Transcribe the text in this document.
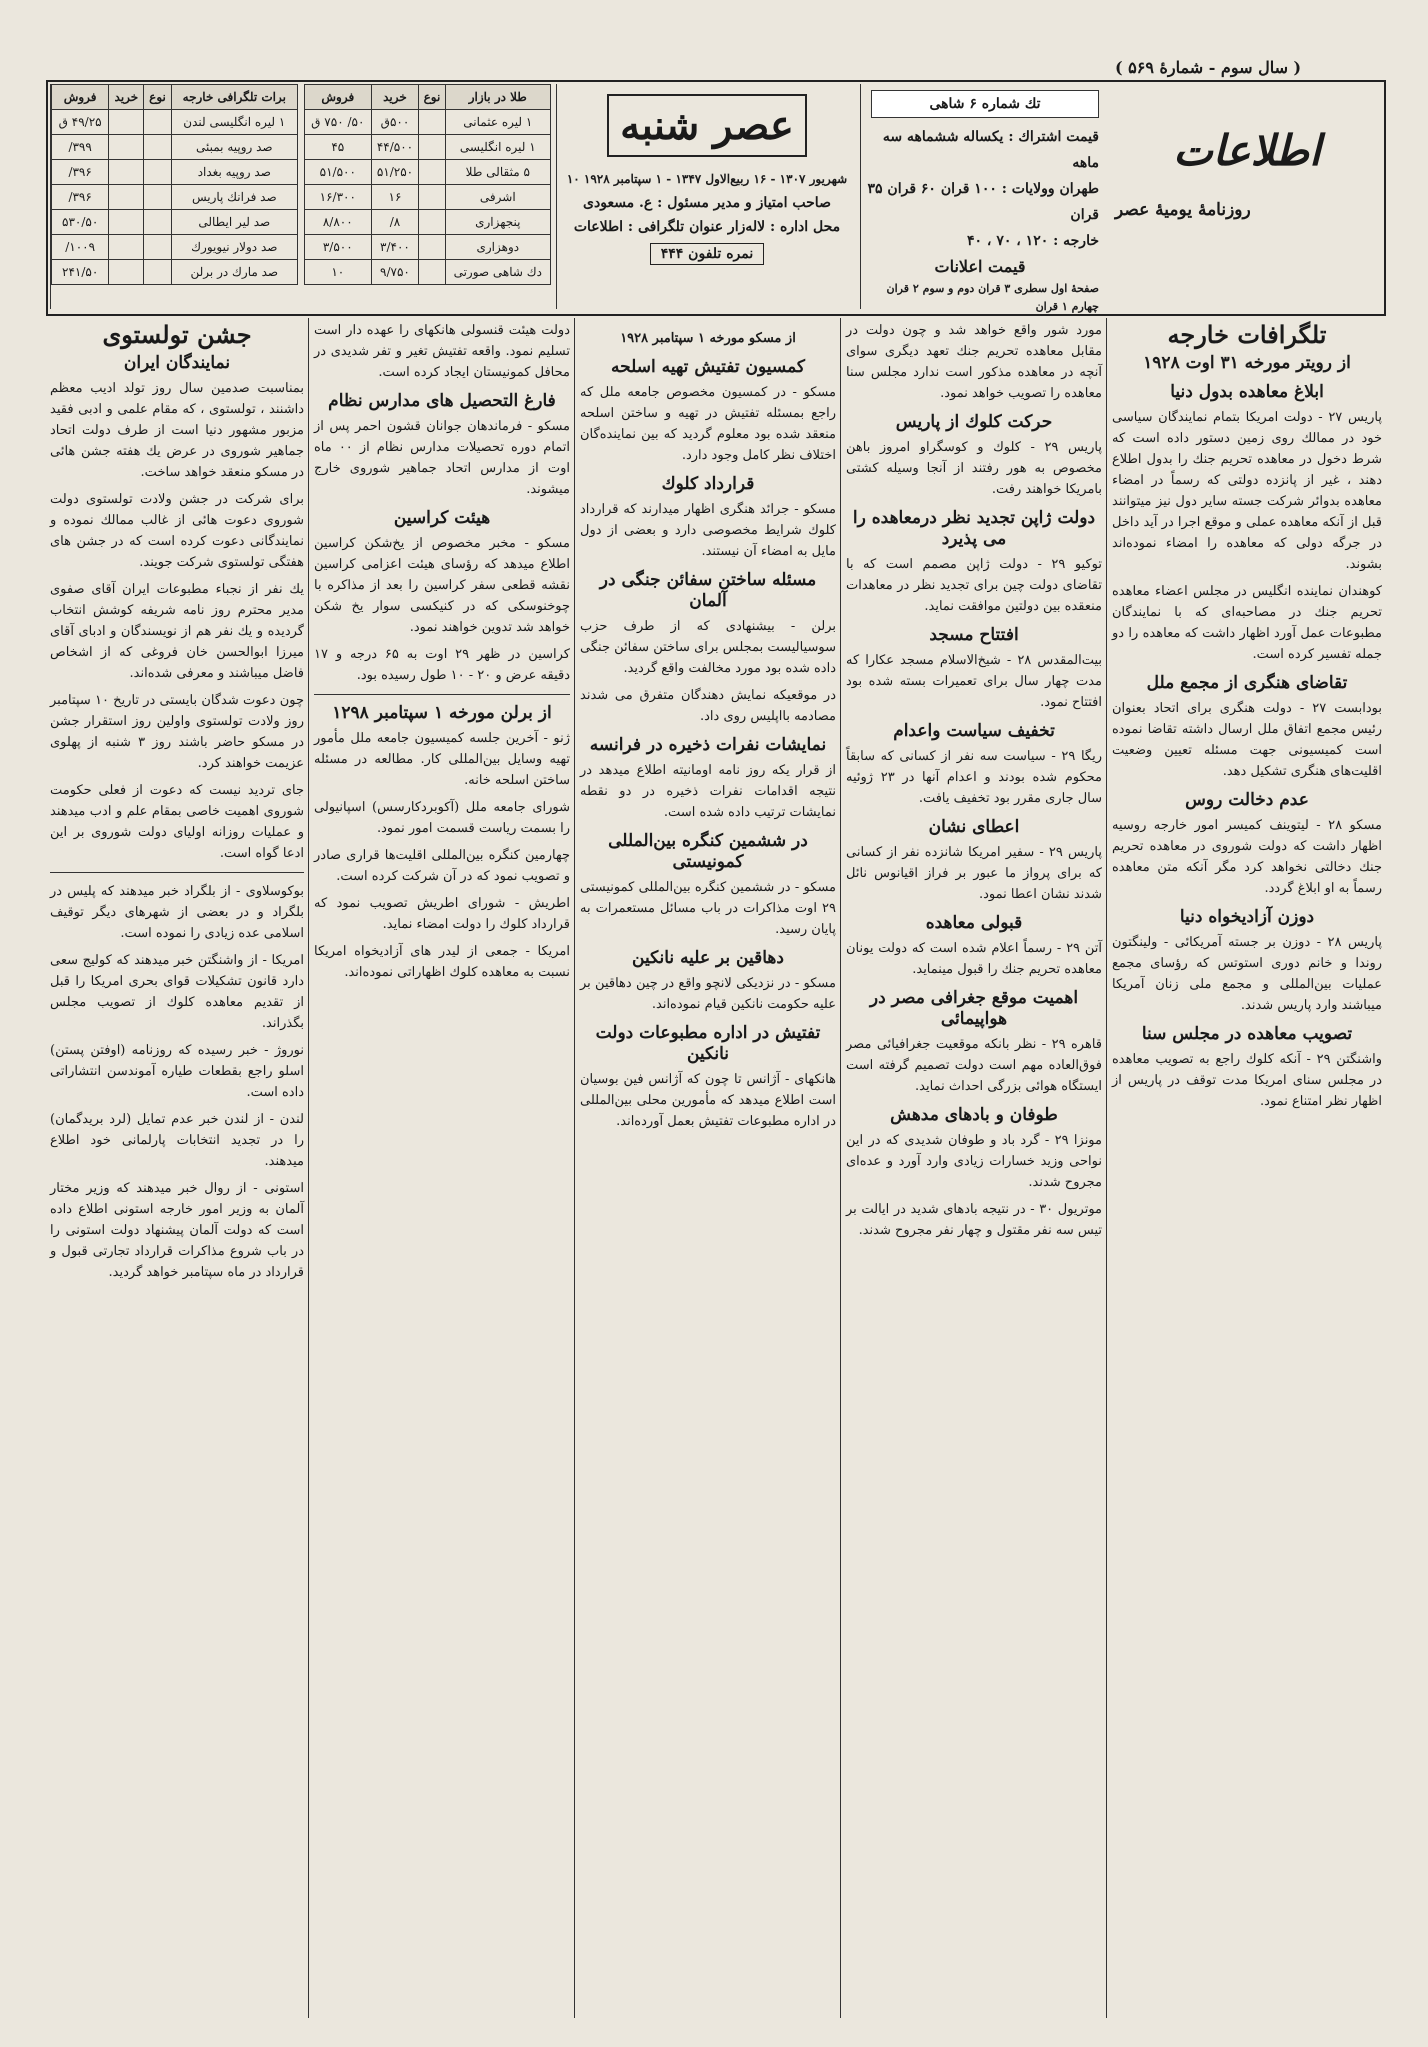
( سال سوم - شمارهٔ ۵۶۹ )
اطلاعات
روزنامهٔ یومیهٔ عصر
تك شماره ۶ شاهی
قیمت اشتراك : یکساله ششماهه سه ماهه
طهران وولایات : ۱۰۰ قران ۶۰ قران ۳۵ قران
خارجه : ۱۲۰ ، ۷۰ ، ۴۰
قیمت اعلانات
صفحهٔ اول سطری ۳ قران دوم و سوم ۲ قران چهارم ۱ قران
عصر شنبه
۱۰ شهریور ۱۳۰۷ - ۱۶ ربیع‌الاول ۱۳۴۷ - ۱ سپتامبر ۱۹۲۸
صاحب امتیاز و مدیر مسئول : ع. مسعودی
محل اداره : لاله‌زار عنوان تلگرافی : اطلاعات
نمره تلفون ۴۴۴
طلا در بازار	نوع	خرید	فروش
۱ لیره عثمانی		۵۰۰ق	۵۰/ ۷۵۰ ق
۱ لیره انگلیسی		۴۴/۵۰۰	۴۵
۵ مثقالی طلا		۵۱/۲۵۰	۵۱/۵۰۰
اشرفی		۱۶	۱۶/۳۰۰
پنجهزاری		۸/	۸/۸۰۰
دوهزاری		۳/۴۰۰	۳/۵۰۰
دك شاهی صورتی		۹/۷۵۰	۱۰
برات تلگرافی خارجه	نوع	خرید	فروش
۱ لیره انگلیسی لندن			۴۹/۲۵ ق
صد روپیه بمبئی			۳۹۹/
صد روپیه بغداد			۳۹۶/
صد فرانك پاریس			۳۹۶/
صد لیر ایطالی			۵۳۰/۵۰
صد دولار نیویورك			۱۰۰۹/
صد مارك در برلن			۲۴۱/۵۰
تلگرافات خارجه
از رویتر مورخه ۳۱ اوت ۱۹۲۸
ابلاغ معاهده بدول دنیا

پاریس ۲۷ - دولت امریکا بتمام نمایندگان سیاسی خود در ممالك روی زمین دستور داده است که شرط دخول در معاهده تحریم جنك را بدول اطلاع دهند ، غیر از پانزده دولتی که رسماً در امضاء معاهده بدوائر شرکت جسته سایر دول نیز میتوانند قبل از آنکه معاهده عملی و موقع اجرا در آید داخل در جرگه دولی که معاهده را امضاء نموده‌اند بشوند.

کوهندان نماینده انگلیس در مجلس اعضاء معاهده تحریم جنك در مصاحبه‌ای که با نمایندگان مطبوعات عمل آورد اظهار داشت که معاهده را دو جمله تفسیر کرده است.

تقاضای هنگری از مجمع ملل

بودابست ۲۷ - دولت هنگری برای اتحاد بعنوان رئیس مجمع اتفاق ملل ارسال داشته تقاضا نموده است کمیسیونی جهت مسئله تعیین وضعیت اقلیت‌های هنگری تشکیل دهد.

عدم دخالت روس

مسکو ۲۸ - لیتوینف کمیسر امور خارجه روسیه اظهار داشت که دولت شوروی در معاهده تحریم جنك دخالتی نخواهد کرد مگر آنکه متن معاهده رسماً به او ابلاغ گردد.

دوزن آزادیخواه دنیا

پاریس ۲۸ - دوزن بر جسته آمریکائی - ولینگتون روندا و خانم دوری استوتس که رؤسای مجمع عملیات بین‌المللی و مجمع ملی زنان آمریکا میباشند وارد پاریس شدند.

تصویب معاهده در مجلس سنا

واشنگتن ۲۹ - آنکه کلوك راجع به تصویب معاهده در مجلس سنای امریکا مدت توقف در پاریس از اظهار نظر امتناع نمود.

مورد شور واقع خواهد شد و چون دولت در مقابل معاهده تحریم جنك تعهد دیگری سوای آنچه در معاهده مذکور است ندارد مجلس سنا معاهده را تصویب خواهد نمود.

حرکت کلوك از پاریس

پاریس ۲۹ - کلوك و کوسگراو امروز باهن مخصوص به هور رفتند از آنجا وسیله کشتی بامریکا خواهند رفت.

دولت ژاپن تجدید نظر درمعاهده را می پذیرد

توکیو ۲۹ - دولت ژاپن مصمم است که با تقاضای دولت چین برای تجدید نظر در معاهدات منعقده بین دولتین موافقت نماید.

افتتاح مسجد

بیت‌المقدس ۲۸ - شیخ‌الاسلام مسجد عکارا که مدت چهار سال برای تعمیرات بسته شده بود افتتاح نمود.

تخفیف سیاست واعدام

ریگا ۲۹ - سیاست سه نفر از کسانی که سابقاً محکوم شده بودند و اعدام آنها در ۲۳ ژوئیه سال جاری مقرر بود تخفیف یافت.

اعطای نشان

پاریس ۲۹ - سفیر امریکا شانزده نفر از کسانی که برای پرواز ما عبور بر فراز اقیانوس نائل شدند نشان اعطا نمود.

قبولی معاهده

آتن ۲۹ - رسماً اعلام شده است که دولت یونان معاهده تحریم جنك را قبول مینماید.

اهمیت موقع جغرافی مصر در هواپیمائی

قاهره ۲۹ - نظر بانکه موقعیت جغرافیائی مصر فوق‌العاده مهم است دولت تصمیم گرفته است ایستگاه هوائی بزرگی احداث نماید.

طوفان و بادهای مدهش

مونزا ۲۹ - گرد باد و طوفان شدیدی که در این نواحی وزید خسارات زیادی وارد آورد و عده‌ای مجروح شدند.

موتریول ۳۰ - در نتیجه بادهای شدید در ایالت بر تیس سه نفر مقتول و چهار نفر مجروح شدند.

از مسکو مورخه ۱ سپتامبر ۱۹۲۸
کمسیون تفتیش تهیه اسلحه

مسکو - در کمسیون مخصوص جامعه ملل که راجع بمسئله تفتیش در تهیه و ساختن اسلحه منعقد شده بود معلوم گردید که بین نماینده‌گان اختلاف نظر کامل وجود دارد.

قرارداد کلوك

مسکو - جرائد هنگری اظهار میدارند که قرارداد کلوك شرایط مخصوصی دارد و بعضی از دول مایل به امضاء آن نیستند.

مسئله ساختن سفائن جنگی در آلمان

برلن - بیشنهادی که از طرف حزب سوسیالیست بمجلس برای ساختن سفائن جنگی داده شده بود مورد مخالفت واقع گردید.

در موقعیکه نمایش دهندگان متفرق می شدند مصادمه بااپلیس روی داد.

نمایشات نفرات ذخیره در فرانسه

از قرار یکه روز نامه اومانیته اطلاع میدهد در نتیجه اقدامات نفرات ذخیره در دو نقطه نمایشات ترتیب داده شده است.

در ششمین کنگره بین‌المللی کمونیستی

مسکو - در ششمین کنگره بین‌المللی کمونیستی ۲۹ اوت مذاکرات در باب مسائل مستعمرات به پایان رسید.

دهاقین بر علیه نانکین

مسکو - در نزدیکی لانچو واقع در چین دهاقین بر علیه حکومت نانکین قیام نموده‌اند.

تفتیش در اداره مطبوعات دولت نانکین

هانکهای - آژانس تا چون که آژانس فین بوسیان است اطلاع میدهد که مأمورین محلی بین‌المللی در اداره مطبوعات تفتیش بعمل آورده‌اند.

دولت هیئت قنسولی هانکهای را عهده دار است تسلیم نمود. واقعه تفتیش تغیر و تفر شدیدی در محافل کمونیستان ایجاد کرده است.

فارغ التحصیل های مدارس نظام

مسکو - فرماندهان جوانان قشون احمر پس از اتمام دوره تحصیلات مدارس نظام از ۰۰ ماه اوت از مدارس اتحاد جماهیر شوروی خارج میشوند.

هیئت کراسین

مسکو - مخبر مخصوص از یخ‌شکن کراسین اطلاع میدهد که رؤسای هیئت اعزامی کراسین نقشه قطعی سفر کراسین را بعد از مذاکره با چوخنوسکی که در کنیکسی سوار یخ شکن خواهد شد تدوین خواهند نمود.

کراسین در ظهر ۲۹ اوت به ۶۵ درجه و ۱۷ دقیقه عرض و ۲۰ - ۱۰ طول رسیده بود.

از برلن مورخه ۱ سپتامبر ۱۲۹۸

ژنو - آخرین جلسه کمیسیون جامعه ملل مأمور تهیه وسایل بین‌المللی کار. مطالعه در مسئله ساختن اسلحه خانه.

شورای جامعه ملل (آکوبردکارسس) اسپانیولی را بسمت ریاست قسمت امور نمود.

چهارمین کنگره بین‌المللی اقلیت‌ها قراری صادر و تصویب نمود که در آن شرکت کرده است.

اطریش - شورای اطریش تصویب نمود که قرارداد کلوك را دولت امضاء نماید.

امریکا - جمعی از لیدر های آزادیخواه امریکا نسبت به معاهده کلوك اظهاراتی نموده‌اند.

جشن تولستوی
نمایندگان ایران

بمناسبت صدمین سال روز تولد ادیب معظم داشنند ، تولستوی ، که مقام علمی و ادبی فقید مزبور مشهور دنیا است از طرف دولت اتحاد جماهیر شوروی در عرض یك هفته جشن هائی در مسکو منعقد خواهد ساخت.

برای شرکت در جشن ولادت تولستوی دولت شوروی دعوت هائی از غالب ممالك نموده و نمایندگانی دعوت کرده است که در جشن های هفتگی تولستوی شرکت جویند.

یك نفر از نجباء مطبوعات ایران آقای صفوی مدیر محترم روز نامه شریفه کوشش انتخاب گردیده و یك نفر هم از نویسندگان و ادبای آقای میرزا ابوالحسن خان فروغی که از اشخاص فاضل میباشند و معرفی شده‌اند.

چون دعوت شدگان بایستی در تاریخ ۱۰ سپتامبر روز ولادت تولستوی واولین روز استقرار جشن در مسکو حاضر باشند روز ۳ شنبه از پهلوی عزیمت خواهند کرد.

جای تردید نیست که دعوت از فعلی حکومت شوروی اهمیت خاصی بمقام علم و ادب میدهند و عملیات روزانه اولیای دولت شوروی بر این ادعا گواه است.

بوکوسلاوی - از بلگراد خبر میدهند که پلیس در بلگراد و در بعضی از شهرهای دیگر توقیف اسلامی عده زیادی را نموده است.

امریکا - از واشنگتن خبر میدهند که کولیج سعی دارد قانون تشکیلات قوای بحری امریکا را قبل از تقدیم معاهده کلوك از تصویب مجلس بگذراند.

نوروژ - خبر رسیده که روزنامه (اوفتن پستن) اسلو راجع بقطعات طیاره آموندسن انتشاراتی داده است.

لندن - از لندن خبر عدم تمایل (لرد بریدگمان) را در تجدید انتخابات پارلمانی خود اطلاع میدهند.

استونی - از روال خبر میدهند که وزیر مختار آلمان به وزیر امور خارجه استونی اطلاع داده است که دولت آلمان پیشنهاد دولت استونی را در باب شروع مذاکرات قرارداد تجارتی قبول و قرارداد در ماه سپتامبر خواهد گردید.
